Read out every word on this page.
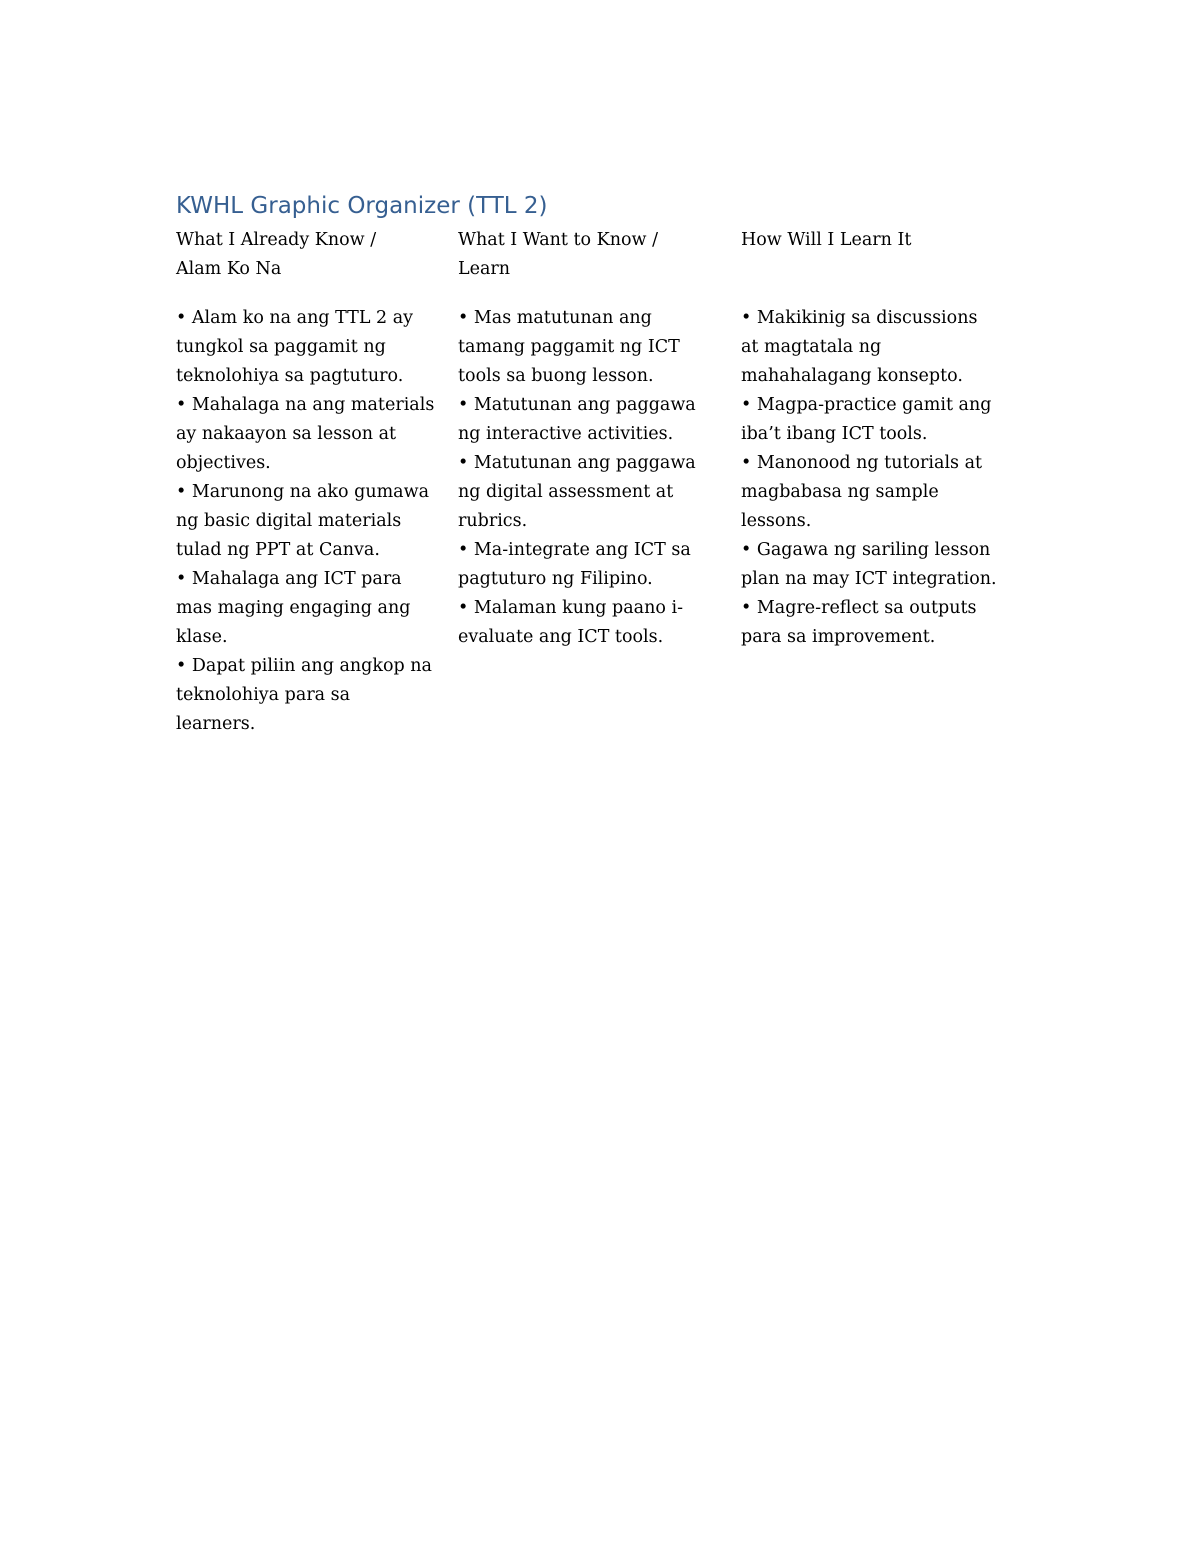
KWHL Graphic Organizer (TTL 2)
What I Already Know /
Alam Ko Na
• Alam ko na ang TTL 2 ay
tungkol sa paggamit ng
teknolohiya sa pagtuturo.
• Mahalaga na ang materials
ay nakaayon sa lesson at
objectives.
• Marunong na ako gumawa
ng basic digital materials
tulad ng PPT at Canva.
• Mahalaga ang ICT para
mas maging engaging ang
klase.
• Dapat piliin ang angkop na
teknolohiya para sa
learners.
What I Want to Know /
Learn
• Mas matutunan ang
tamang paggamit ng ICT
tools sa buong lesson.
• Matutunan ang paggawa
ng interactive activities.
• Matutunan ang paggawa
ng digital assessment at
rubrics.
• Ma-integrate ang ICT sa
pagtuturo ng Filipino.
• Malaman kung paano i-
evaluate ang ICT tools.
How Will I Learn It
• Makikinig sa discussions
at magtatala ng
mahahalagang konsepto.
• Magpa-practice gamit ang
iba’t ibang ICT tools.
• Manonood ng tutorials at
magbabasa ng sample
lessons.
• Gagawa ng sariling lesson
plan na may ICT integration.
• Magre-reflect sa outputs
para sa improvement.
